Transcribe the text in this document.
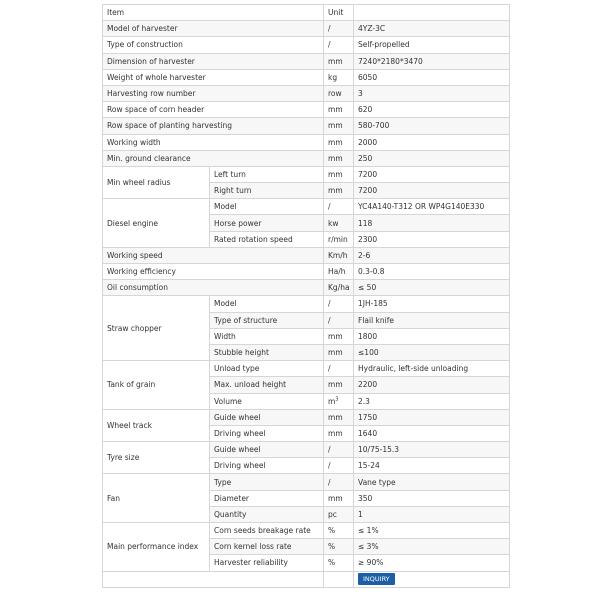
Item		Unit	
Model of harvester		/	4YZ-3C
Type of construction		/	Self-propelled
Dimension of harvester		mm	7240*2180*3470
Weight of whole harvester		kg	6050
Harvesting row number		row	3
Row space of corn header		mm	620
Row space of planting harvesting		mm	580-700
Working width		mm	2000
Min. ground clearance		mm	250
Min wheel radius	Left turn	mm	7200
	Right turn	mm	7200
Diesel engine	Model	/	YC4A140-T312 OR WP4G140E330
	Horse power	kw	118
	Rated rotation speed	r/min	2300
Working speed		Km/h	2-6
Working efficiency		Ha/h	0.3-0.8
Oil consumption		Kg/ha	≤ 50
Straw chopper	Model	/	1JH-185
	Type of structure	/	Flail knife
	Width	mm	1800
	Stubble height	mm	≤100
Tank of grain	Unload type	/	Hydraulic, left-side unloading
	Max. unload height	mm	2200
	Volume	$m^3$	2.3
Wheel track	Guide wheel	mm	1750
	Driving wheel	mm	1640
Tyre size	Guide wheel	/	10/75-15.3
	Driving wheel	/	15-24
Fan	Type	/	Vane type
	Diameter	mm	350
	Quantity	pc	1
Main performance index	Corn seeds breakage rate	%	≤ 1%
	Corn kernel loss rate	%	≤ 3%
	Harvester reliability	%	≥ 90%
			INQUIRY
